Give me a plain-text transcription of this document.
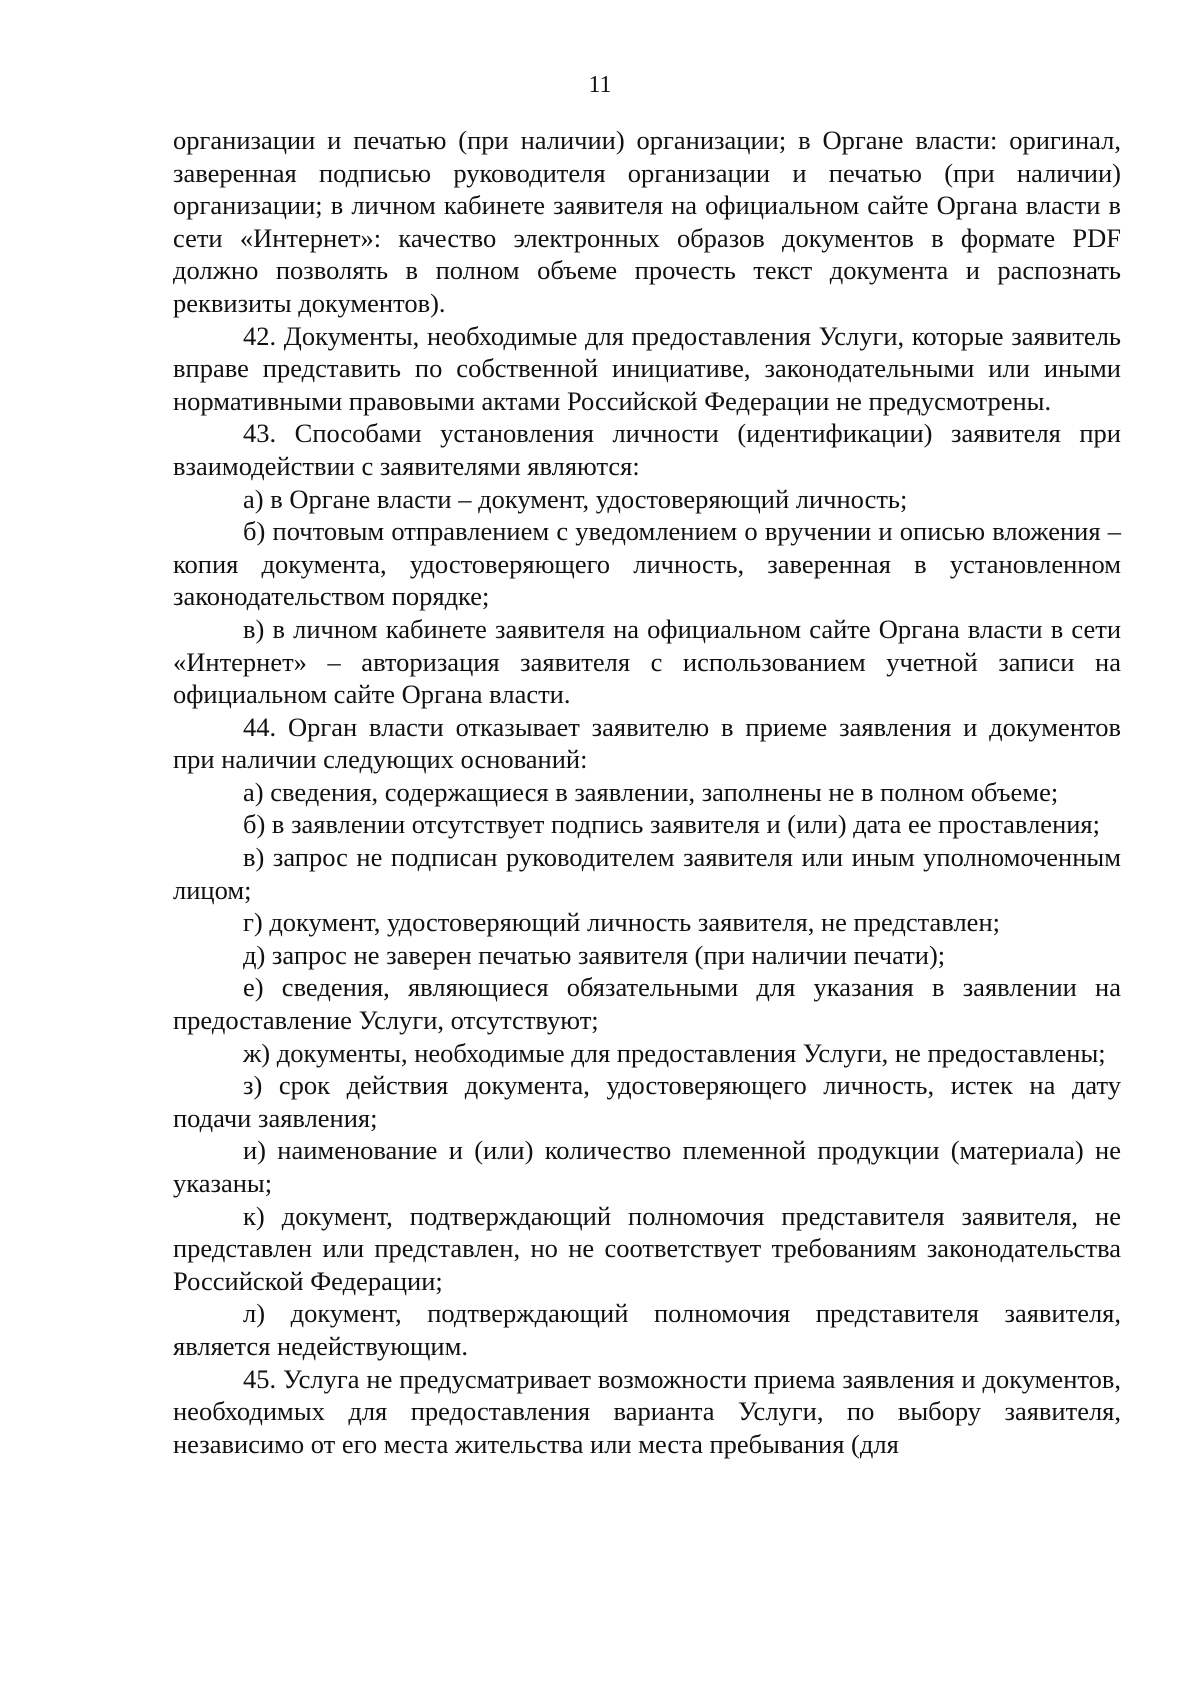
11

организации и печатью (при наличии) организации; в Органе власти: оригинал, заверенная подписью руководителя организации и печатью (при наличии) организации; в личном кабинете заявителя на официальном сайте Органа власти в сети «Интернет»: качество электронных образов документов в формате PDF должно позволять в полном объеме прочесть текст документа и распознать реквизиты документов).

42. Документы, необходимые для предоставления Услуги, которые заявитель вправе представить по собственной инициативе, законодательными или иными нормативными правовыми актами Российской Федерации не предусмотрены.

43. Способами установления личности (идентификации) заявителя при взаимодействии с заявителями являются:

а) в Органе власти – документ, удостоверяющий личность;

б) почтовым отправлением с уведомлением о вручении и описью вложения – копия документа, удостоверяющего личность, заверенная в установленном законодательством порядке;

в) в личном кабинете заявителя на официальном сайте Органа власти в сети «Интернет» – авторизация заявителя с использованием учетной записи на официальном сайте Органа власти.

44. Орган власти отказывает заявителю в приеме заявления и документов при наличии следующих оснований:

а) сведения, содержащиеся в заявлении, заполнены не в полном объеме;

б) в заявлении отсутствует подпись заявителя и (или) дата ее проставления;

в) запрос не подписан руководителем заявителя или иным уполномоченным лицом;

г) документ, удостоверяющий личность заявителя, не представлен;

д) запрос не заверен печатью заявителя (при наличии печати);

е) сведения, являющиеся обязательными для указания в заявлении на предоставление Услуги, отсутствуют;

ж) документы, необходимые для предоставления Услуги, не предоставлены;

з) срок действия документа, удостоверяющего личность, истек на дату подачи заявления;

и) наименование и (или) количество племенной продукции (материала) не указаны;

к) документ, подтверждающий полномочия представителя заявителя, не представлен или представлен, но не соответствует требованиям законодательства Российской Федерации;

л) документ, подтверждающий полномочия представителя заявителя, является недействующим.

45. Услуга не предусматривает возможности приема заявления и документов, необходимых для предоставления варианта Услуги, по выбору заявителя, независимо от его места жительства или места пребывания (для
